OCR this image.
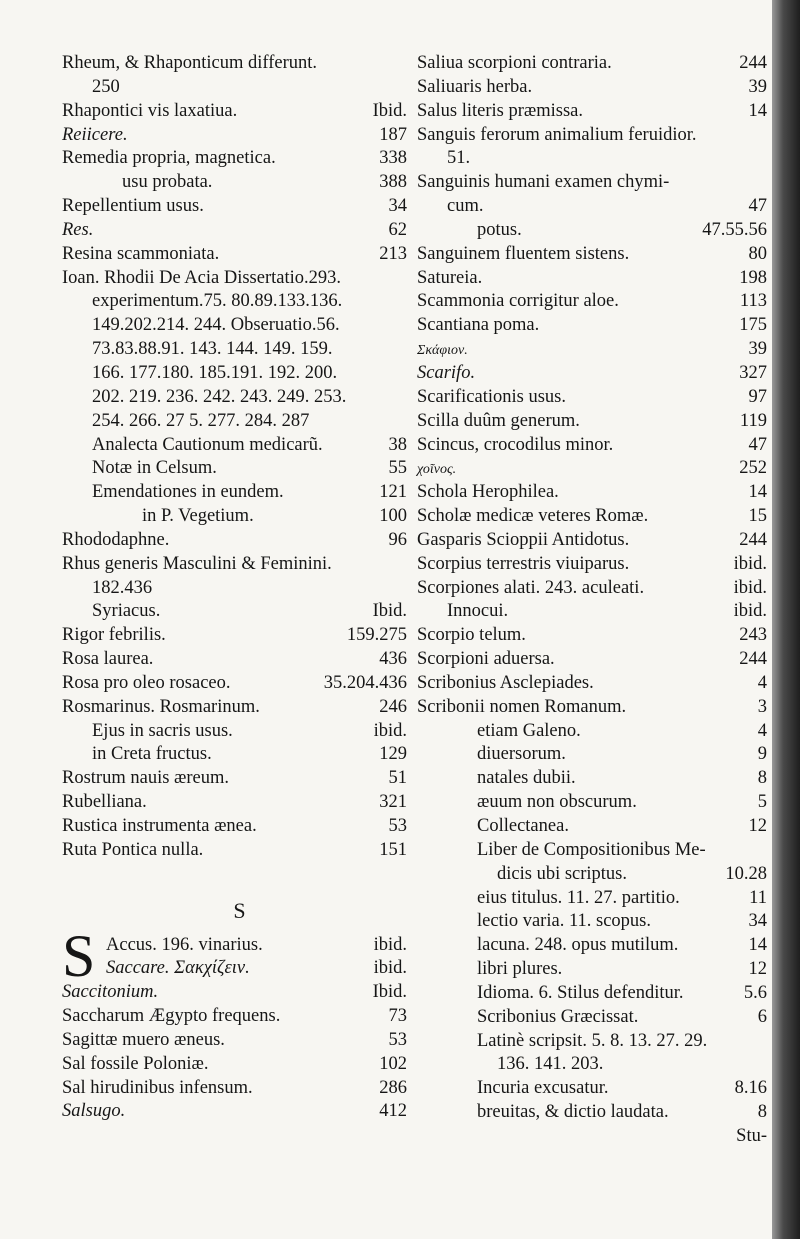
Rheum, & Rhaponticum differunt.
250
Rhapontici vis laxatiua.	Ibid.
Reiicere.	187
Remedia propria, magnetica.	338
usu probata.	388
Repellentium usus.	34
Res.	62
Resina scammoniata.	213
Ioan. Rhodii De Acia Dissertatio.293.
experimentum.75. 80.89.133.136.
149.202.214. 244. Obseruatio.56.
73.83.88.91. 143. 144. 149. 159.
166. 177.180. 185.191. 192. 200.
202. 219. 236. 242. 243. 249. 253.
254. 266. 27 5. 277. 284. 287
Analecta Cautionum medicarũ.	38
Notæ in Celsum.	55
Emendationes in eundem.	121
in P. Vegetium.	100
Rhododaphne.	96
Rhus generis Masculini & Feminini.
182.436
Syriacus.	Ibid.
Rigor febrilis.	159.275
Rosa laurea.	436
Rosa pro oleo rosaceo.	35.204.436
Rosmarinus. Rosmarinum.	246
Ejus in sacris usus.	ibid.
in Creta fructus.	129
Rostrum nauis æreum.	51
Rubelliana.	321
Rustica instrumenta ænea.	53
Ruta Pontica nulla.	151
S
S Accus. 196. vinarius.	ibid.
Saccare. Σακχίζειν.	ibid.
Saccitonium.	Ibid.
Saccharum Ægypto frequens.	73
Sagittæ muero æneus.	53
Sal fossile Poloniæ.	102
Sal hirudinibus infensum.	286
Salsugo.	412
Saliua scorpioni contraria.	244
Saliuaris herba.	39
Salus literis præmissa.	14
Sanguis ferorum animalium feruidior.
51.
Sanguinis humani examen chymi-
cum.	47
potus.	47.55.56
Sanguinem fluentem sistens.	80
Satureia.	198
Scammonia corrigitur aloe.	113
Scantiana poma.	175
Σκάφιον.	39
Scarifo.	327
Scarificationis usus.	97
Scilla duûm generum.	119
Scincus, crocodilus minor.	47
χοῖνος.	252
Schola Herophilea.	14
Scholæ medicæ veteres Romæ.	15
Gasparis Scioppii Antidotus.	244
Scorpius terrestris viuiparus.	ibid.
Scorpiones alati. 243. aculeati.	ibid.
Innocui.	ibid.
Scorpio telum.	243
Scorpioni aduersa.	244
Scribonius Asclepiades.	4
Scribonii nomen Romanum.	3
etiam Galeno.	4
diuersorum.	9
natales dubii.	8
æuum non obscurum.	5
Collectanea.	12
Liber de Compositionibus Me-
dicis ubi scriptus.	10.28
eius titulus. 11. 27. partitio.	11
lectio varia. 11. scopus.	34
lacuna. 248. opus mutilum.	14
libri plures.	12
Idioma. 6. Stilus defenditur.	5.6
Scribonius Græcissat.	6
Latinè scripsit. 5. 8. 13. 27. 29.
136. 141. 203.
Incuria excusatur.	8.16
breuitas, & dictio laudata.	8
Stu-
